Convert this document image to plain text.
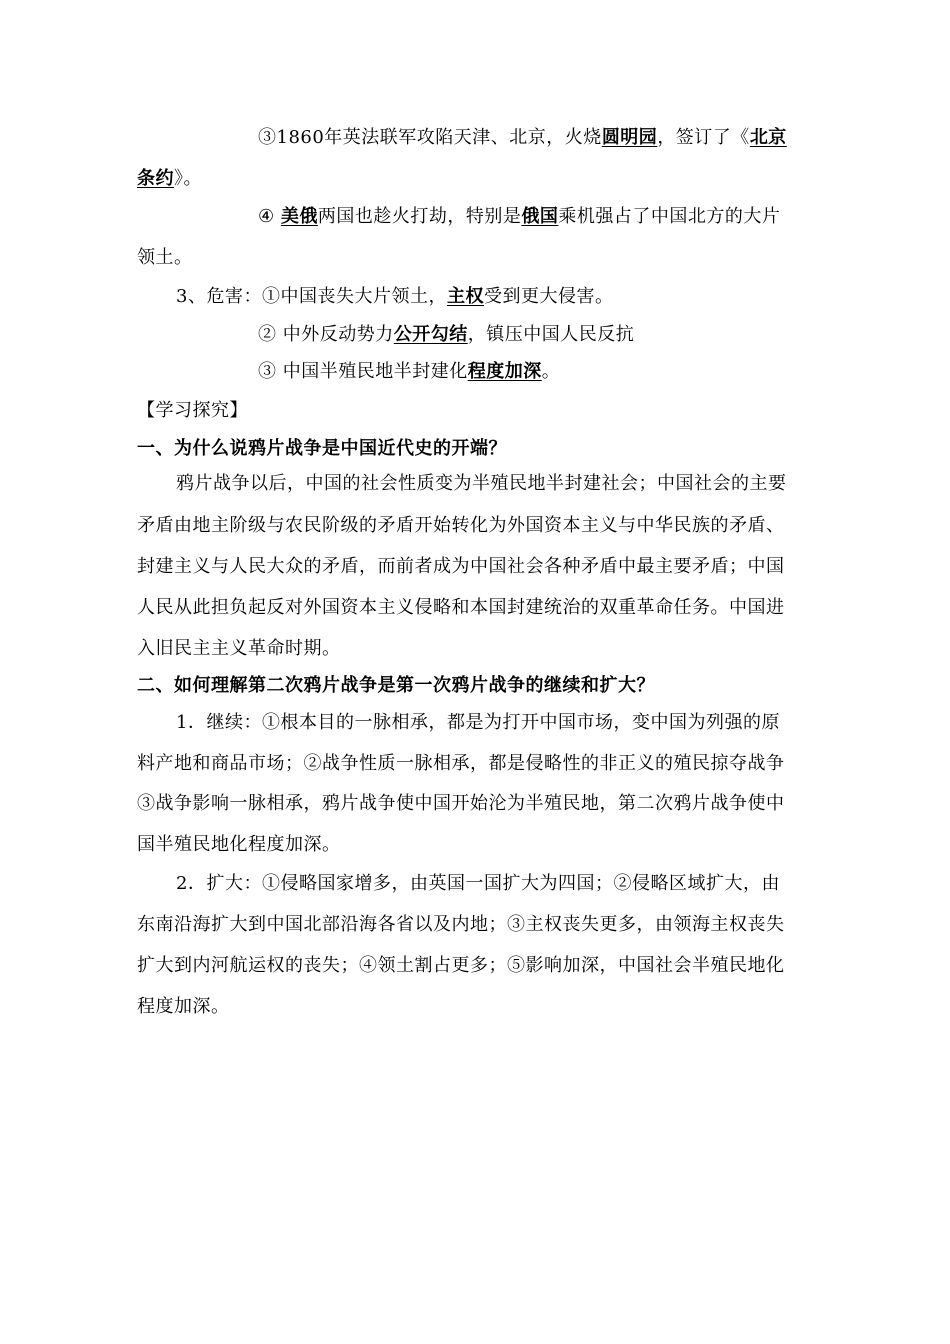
③1860年英法联军攻陷天津、北京，火烧圆明园，签订了《北京
条约》。
④ 美俄两国也趁火打劫，特别是俄国乘机强占了中国北方的大片
领土。
3、危害：①中国丧失大片领土，主权受到更大侵害。
② 中外反动势力公开勾结，镇压中国人民反抗
③ 中国半殖民地半封建化程度加深。
【学习探究】
一、为什么说鸦片战争是中国近代史的开端？
鸦片战争以后，中国的社会性质变为半殖民地半封建社会；中国社会的主要
矛盾由地主阶级与农民阶级的矛盾开始转化为外国资本主义与中华民族的矛盾、
封建主义与人民大众的矛盾，而前者成为中国社会各种矛盾中最主要矛盾；中国
人民从此担负起反对外国资本主义侵略和本国封建统治的双重革命任务。中国进
入旧民主主义革命时期。
二、如何理解第二次鸦片战争是第一次鸦片战争的继续和扩大？
1．继续：①根本目的一脉相承，都是为打开中国市场，变中国为列强的原
料产地和商品市场；②战争性质一脉相承，都是侵略性的非正义的殖民掠夺战争
③战争影响一脉相承，鸦片战争使中国开始沦为半殖民地，第二次鸦片战争使中
国半殖民地化程度加深。
2．扩大：①侵略国家增多，由英国一国扩大为四国；②侵略区域扩大，由
东南沿海扩大到中国北部沿海各省以及内地；③主权丧失更多，由领海主权丧失
扩大到内河航运权的丧失；④领土割占更多；⑤影响加深，中国社会半殖民地化
程度加深。
